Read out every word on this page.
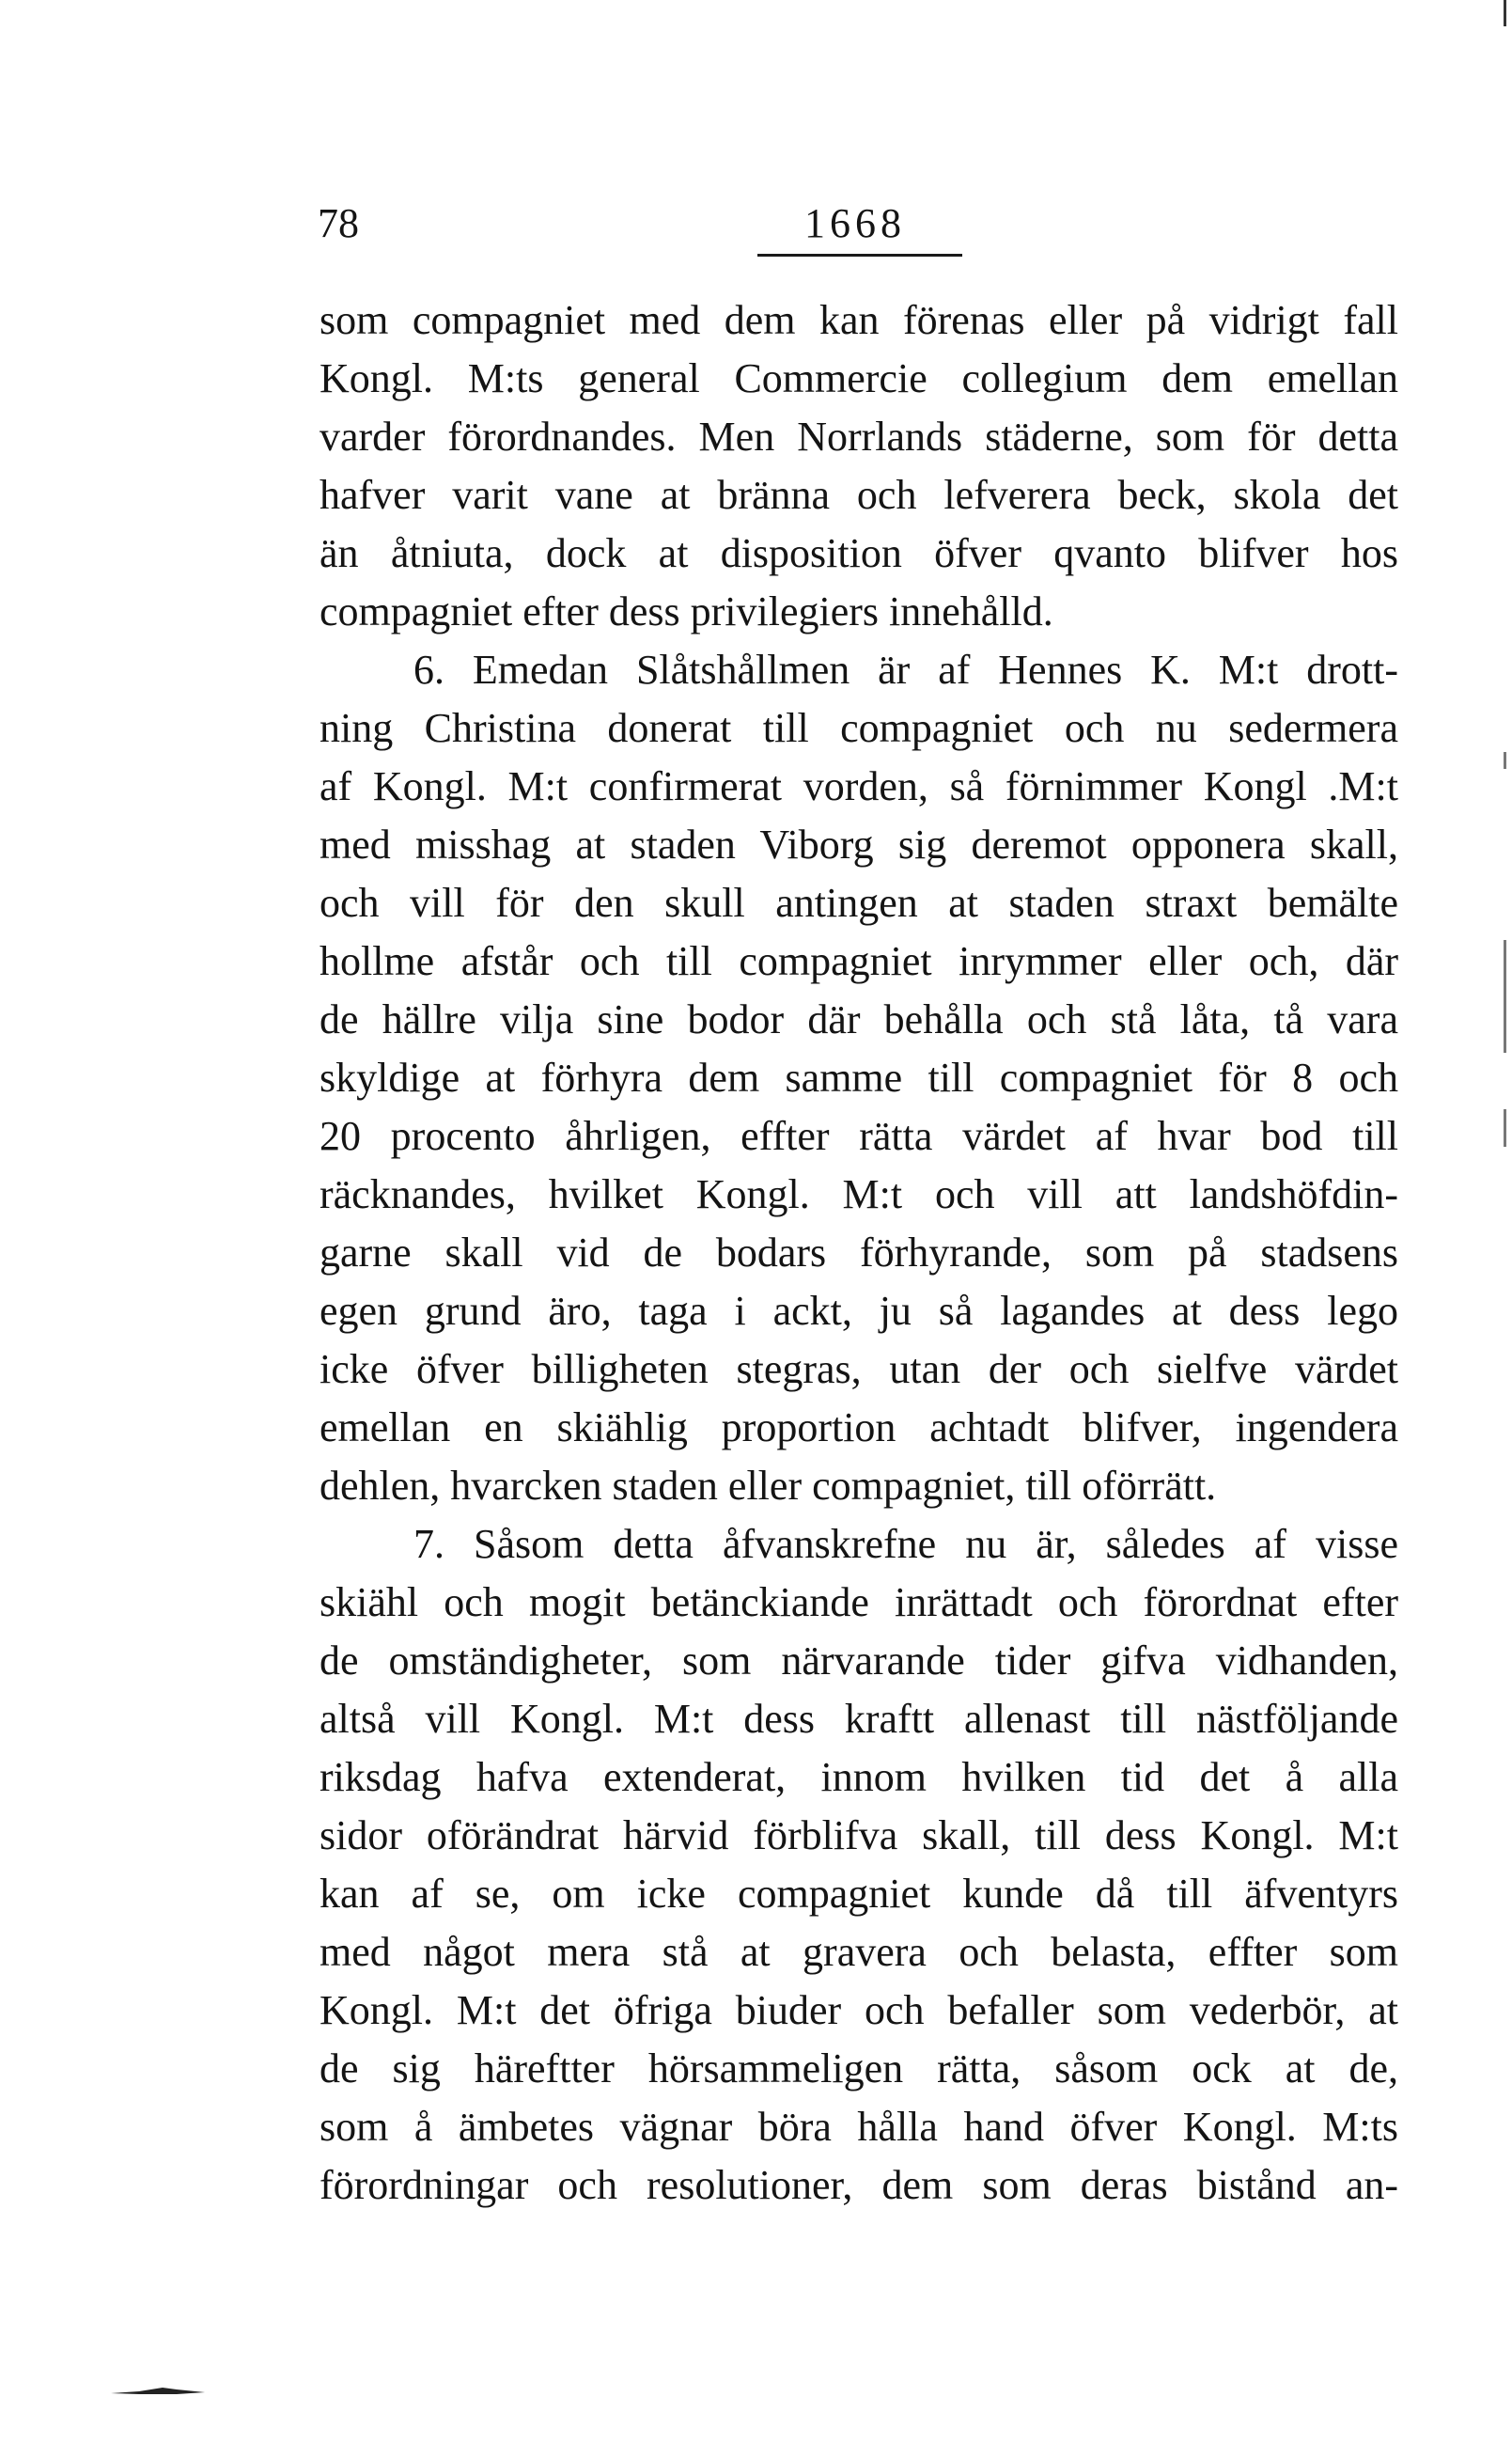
78	1668
som compagniet med dem kan förenas eller på vidrigt fall
Kongl. M:ts general Commercie collegium dem emellan
varder förordnandes. Men Norrlands städerne, som för detta
hafver varit vane at bränna och lefverera beck, skola det
än åtniuta, dock at disposition öfver qvanto blifver hos
compagniet efter dess privilegiers innehålld.
6. Emedan Slåtshållmen är af Hennes K. M:t drott-
ning Christina donerat till compagniet och nu sedermera
af Kongl. M:t confirmerat vorden, så förnimmer Kongl .M:t
med misshag at staden Viborg sig deremot opponera skall,
och vill för den skull antingen at staden straxt bemälte
hollme afstår och till compagniet inrymmer eller och, där
de hällre vilja sine bodor där behålla och stå låta, tå vara
skyldige at förhyra dem samme till compagniet för 8 och
20 procento åhrligen, effter rätta värdet af hvar bod till
räcknandes, hvilket Kongl. M:t och vill att landshöfdin-
garne skall vid de bodars förhyrande, som på stadsens
egen grund äro, taga i ackt, ju så lagandes at dess lego
icke öfver billigheten stegras, utan der och sielfve värdet
emellan en skiählig proportion achtadt blifver, ingendera
dehlen, hvarcken staden eller compagniet, till oförrätt.
7. Såsom detta åfvanskrefne nu är, således af visse
skiähl och mogit betänckiande inrättadt och förordnat efter
de omständigheter, som närvarande tider gifva vidhanden,
altså vill Kongl. M:t dess kraftt allenast till nästföljande
riksdag hafva extenderat, innom hvilken tid det å alla
sidor oförändrat härvid förblifva skall, till dess Kongl. M:t
kan af se, om icke compagniet kunde då till äfventyrs
med något mera stå at gravera och belasta, effter som
Kongl. M:t det öfriga biuder och befaller som vederbör, at
de sig häreftter hörsammeligen rätta, såsom ock at de,
som å ämbetes vägnar böra hålla hand öfver Kongl. M:ts
förordningar och resolutioner, dem som deras bistånd an-
